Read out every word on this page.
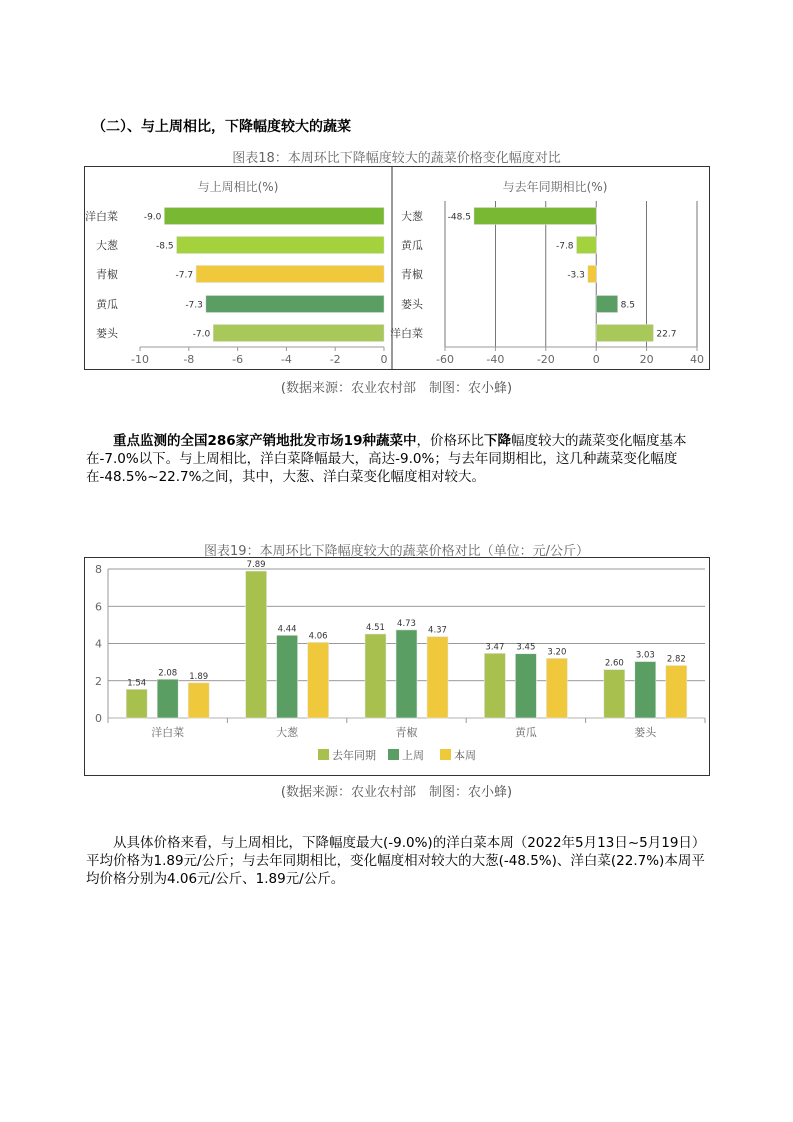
（二）、与上周相比，下降幅度较大的蔬菜
图表18：本周环比下降幅度较大的蔬菜价格变化幅度对比
与上周相比(%)
-10	-8	-6	-4	-2	0
洋白菜	-9.0
大葱	-8.5
青椒	-7.7
黄瓜	-7.3
蒌头	-7.0
与去年同期相比(%)
-60	-40	-20	0	20	40
大葱	-48.5
黄瓜	-7.8
青椒	-3.3
蒌头	8.5
洋白菜	22.7
(数据来源：农业农村部　制图：农小蜂)

重点监测的全国286家产销地批发市场19种蔬菜中，价格环比下降幅度较大的蔬菜变化幅度基本在-7.0%以下。与上周相比，洋白菜降幅最大，高达-9.0%；与去年同期相比，这几种蔬菜变化幅度在-48.5%~22.7%之间，其中，大葱、洋白菜变化幅度相对较大。

图表19：本周环比下降幅度较大的蔬菜价格对比（单位：元/公斤）
0
2
4
6
8
洋白菜
1.54
2.08 1.89
大葱
7.89
4.44
4.06
青椒
4.51 4.73
4.37
黄瓜
3.47 3.45 3.20
蒌头
2.60
3.03 2.82
去年同期 上周	本周
(数据来源：农业农村部　制图：农小蜂)

从具体价格来看，与上周相比，下降幅度最大(-9.0%)的洋白菜本周（2022年5月13日~5月19日）平均价格为1.89元/公斤；与去年同期相比，变化幅度相对较大的大葱(-48.5%)、洋白菜(22.7%)本周平均价格分别为4.06元/公斤、1.89元/公斤。
